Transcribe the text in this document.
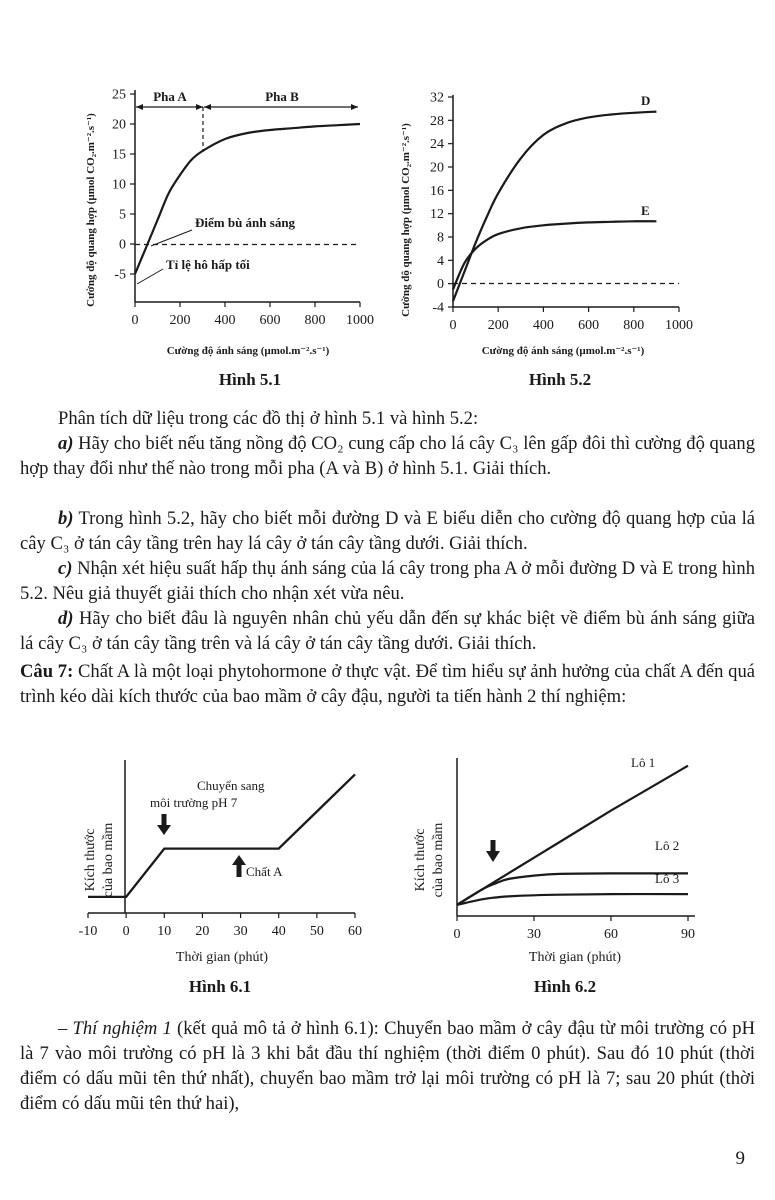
Cường độ quang hợp (µmol CO₂.m⁻².s⁻¹) -5
0
5
10
15
20
25
0 200 400 600 800 1000
Pha A	Pha B
Điểm bù ánh sáng
Tỉ lệ hô hấp tối
Cường độ ánh sáng (µmol.m⁻².s⁻¹)
Hình 5.1
Cường độ quang hợp (µmol CO₂.m⁻².s⁻¹) -4
0
4
8
12
16
20
24
28
32
0 200 400 600 800 1000
D
E
Cường độ ánh sáng (µmol.m⁻².s⁻¹)
Hình 5.2
Phân tích dữ liệu trong các đồ thị ở hình 5.1 và hình 5.2:
a) Hãy cho biết nếu tăng nồng độ CO₂ cung cấp cho lá cây C₃ lên gấp đôi thì cường độ quang hợp thay đổi như thế nào trong mỗi pha (A và B) ở hình 5.1. Giải thích.
b) Trong hình 5.2, hãy cho biết mỗi đường D và E biểu diễn cho cường độ quang hợp của lá cây C₃ ở tán cây tầng trên hay lá cây ở tán cây tầng dưới. Giải thích.
c) Nhận xét hiệu suất hấp thụ ánh sáng của lá cây trong pha A ở mỗi đường D và E trong hình 5.2. Nêu giả thuyết giải thích cho nhận xét vừa nêu.
d) Hãy cho biết đâu là nguyên nhân chủ yếu dẫn đến sự khác biệt về điểm bù ánh sáng giữa lá cây C₃ ở tán cây tầng trên và lá cây ở tán cây tầng dưới. Giải thích.
Câu 7: Chất A là một loại phytohormone ở thực vật. Để tìm hiểu sự ảnh hưởng của chất A đến quá trình kéo dài kích thước của bao mầm ở cây đậu, người ta tiến hành 2 thí nghiệm:
Kích thước của bao mầm
-10 0 10 20 30 40 50 60
Chuyển sang
môi trường pH 7
Chất A
Thời gian (phút)
Hình 6.1
Kích thước của bao mầm
0	30	60	90
Lô 1
Lô 2
Lô 3
Thời gian (phút)
Hình 6.2
– Thí nghiệm 1 (kết quả mô tả ở hình 6.1): Chuyển bao mầm ở cây đậu từ môi trường có pH là 7 vào môi trường có pH là 3 khi bắt đầu thí nghiệm (thời điểm 0 phút). Sau đó 10 phút (thời điểm có dấu mũi tên thứ nhất), chuyển bao mầm trở lại môi trường có pH là 7; sau 20 phút (thời điểm có dấu mũi tên thứ hai),
9
